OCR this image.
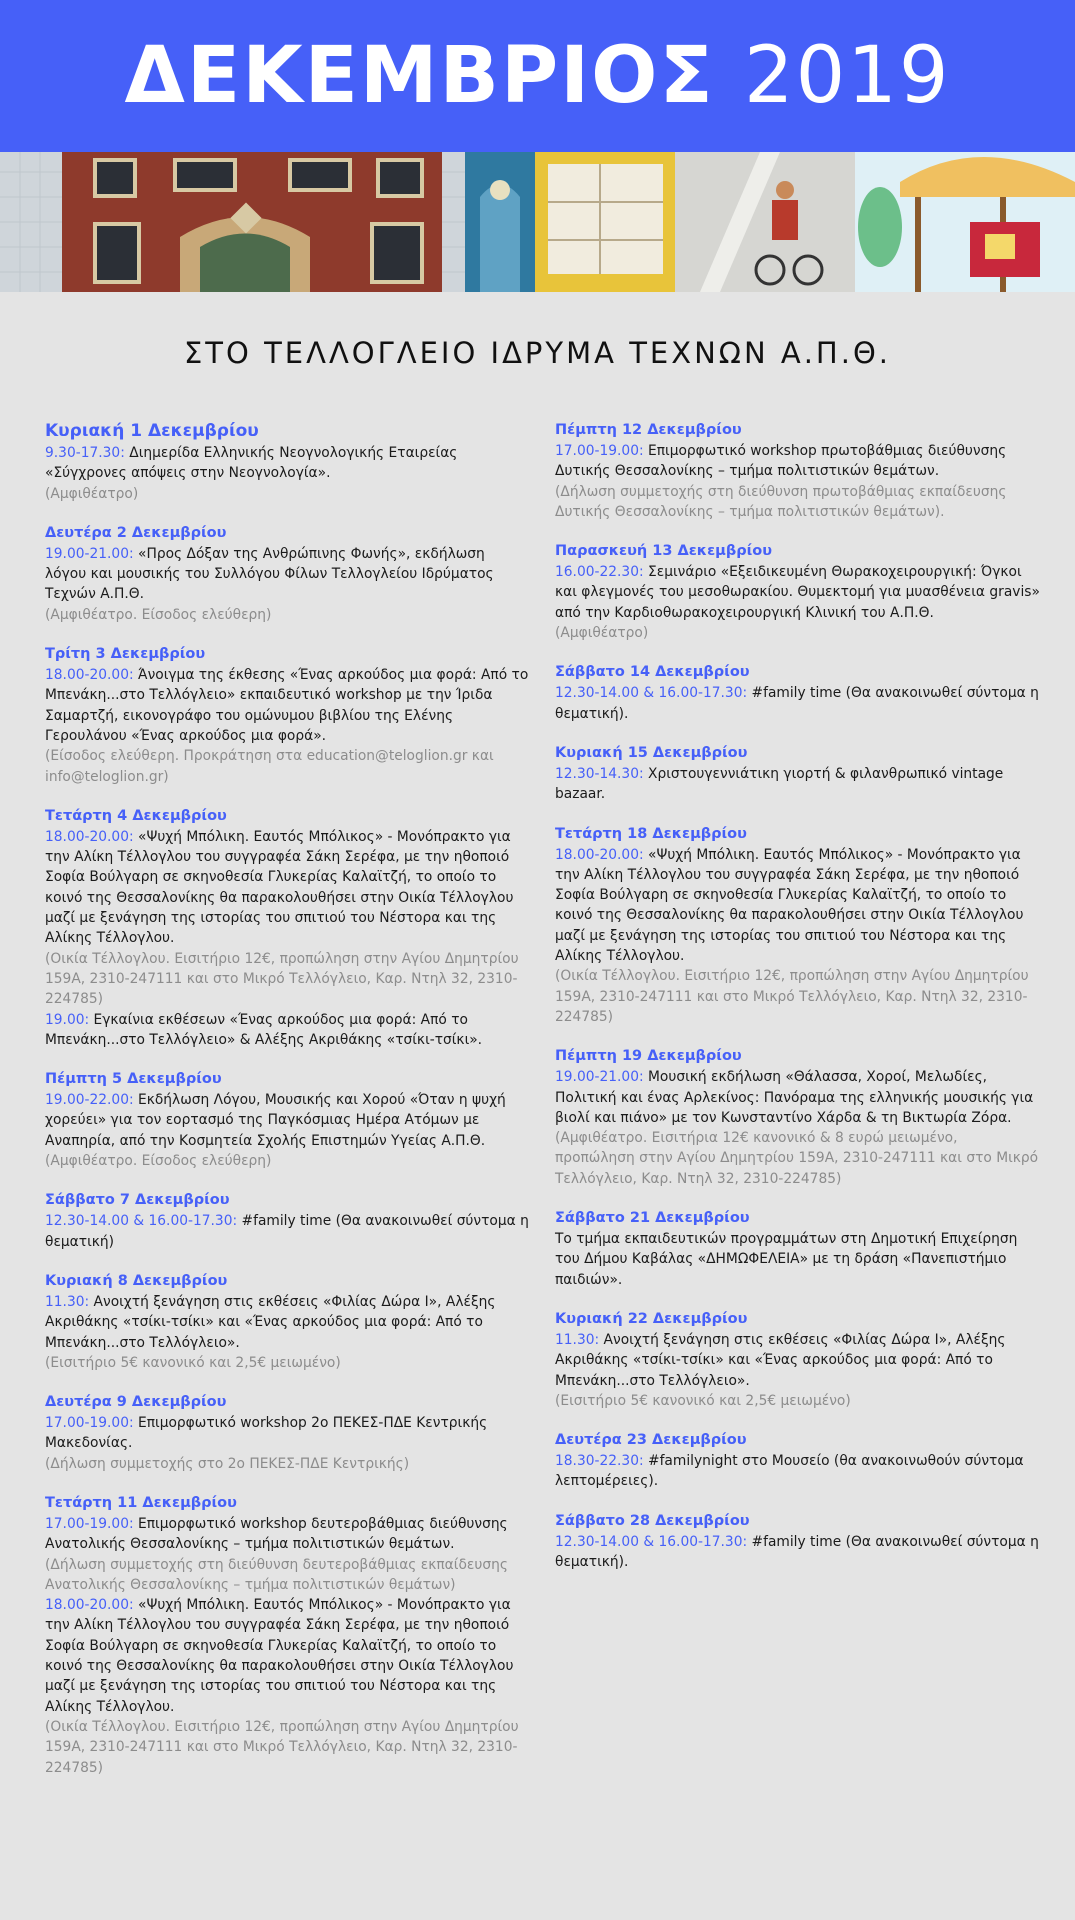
ΔΕΚΕΜΒΡΙΟΣ 2019
ΣΤΟ ΤΕΛΛΟΓΛΕΙΟ ΙΔΡΥΜΑ ΤΕΧΝΩΝ Α.Π.Θ.
Κυριακή 1 Δεκεμβρίου

9.30-17.30: Διημερίδα Ελληνικής Νεογνολογικής Εταιρείας «Σύγχρονες απόψεις στην Νεογνολογία».

(Αμφιθέατρο)

Δευτέρα 2 Δεκεμβρίου

19.00-21.00: «Προς Δόξαν της Ανθρώπινης Φωνής», εκδήλωση λόγου και μουσικής του Συλλόγου Φίλων Τελλογλείου Ιδρύματος Τεχνών Α.Π.Θ.

(Αμφιθέατρο. Είσοδος ελεύθερη)

Τρίτη 3 Δεκεμβρίου

18.00-20.00: Άνοιγμα της έκθεσης «Ένας αρκούδος μια φορά: Από το Μπενάκη...στο Τελλόγλειο» εκπαιδευτικό workshop με την Ίριδα Σαμαρτζή, εικονογράφο του ομώνυμου βιβλίου της Ελένης Γερουλάνου «Ένας αρκούδος μια φορά».

(Είσοδος ελεύθερη. Προκράτηση στα education@teloglion.gr και info@teloglion.gr)

Τετάρτη 4 Δεκεμβρίου

18.00-20.00: «Ψυχή Μπόλικη. Εαυτός Μπόλικος» - Μονόπρακτο για την Αλίκη Τέλλογλου του συγγραφέα Σάκη Σερέφα, με την ηθοποιό Σοφία Βούλγαρη σε σκηνοθεσία Γλυκερίας Καλαϊτζή, το οποίο το κοινό της Θεσσαλονίκης θα παρακολουθήσει στην Οικία Τέλλογλου μαζί με ξενάγηση της ιστορίας του σπιτιού του Νέστορα και της Αλίκης Τέλλογλου.

(Οικία Τέλλογλου. Εισιτήριο 12€, προπώληση στην Αγίου Δημητρίου 159Α, 2310-247111 και στο Μικρό Τελλόγλειο, Καρ. Ντηλ 32, 2310-224785)

19.00: Εγκαίνια εκθέσεων «Ένας αρκούδος μια φορά: Από το Μπενάκη...στο Τελλόγλειο» & Αλέξης Ακριθάκης «τσίκι-τσίκι».

Πέμπτη 5 Δεκεμβρίου

19.00-22.00: Εκδήλωση Λόγου, Μουσικής και Χορού «Όταν η ψυχή χορεύει» για τον εορτασμό της Παγκόσμιας Ημέρα Ατόμων με Αναπηρία, από την Κοσμητεία Σχολής Επιστημών Υγείας Α.Π.Θ.

(Αμφιθέατρο. Είσοδος ελεύθερη)

Σάββατο 7 Δεκεμβρίου

12.30-14.00 & 16.00-17.30: #family time (Θα ανακοινωθεί σύντομα η θεματική)

Κυριακή 8 Δεκεμβρίου

11.30: Ανοιχτή ξενάγηση στις εκθέσεις «Φιλίας Δώρα Ι», Αλέξης Ακριθάκης «τσίκι-τσίκι» και «Ένας αρκούδος μια φορά: Από το Μπενάκη...στο Τελλόγλειο».

(Εισιτήριο 5€ κανονικό και 2,5€ μειωμένο)

Δευτέρα 9 Δεκεμβρίου

17.00-19.00: Επιμορφωτικό workshop 2ο ΠΕΚΕΣ-ΠΔΕ Κεντρικής Μακεδονίας.

(Δήλωση συμμετοχής στο 2ο ΠΕΚΕΣ-ΠΔΕ Κεντρικής)

Τετάρτη 11 Δεκεμβρίου

17.00-19.00: Επιμορφωτικό workshop δευτεροβάθμιας διεύθυνσης Ανατολικής Θεσσαλονίκης – τμήμα πολιτιστικών θεμάτων.

(Δήλωση συμμετοχής στη διεύθυνση δευτεροβάθμιας εκπαίδευσης Ανατολικής Θεσσαλονίκης – τμήμα πολιτιστικών θεμάτων)

18.00-20.00: «Ψυχή Μπόλικη. Εαυτός Μπόλικος» - Μονόπρακτο για την Αλίκη Τέλλογλου του συγγραφέα Σάκη Σερέφα, με την ηθοποιό Σοφία Βούλγαρη σε σκηνοθεσία Γλυκερίας Καλαϊτζή, το οποίο το κοινό της Θεσσαλονίκης θα παρακολουθήσει στην Οικία Τέλλογλου μαζί με ξενάγηση της ιστορίας του σπιτιού του Νέστορα και της Αλίκης Τέλλογλου.

(Οικία Τέλλογλου. Εισιτήριο 12€, προπώληση στην Αγίου Δημητρίου 159Α, 2310-247111 και στο Μικρό Τελλόγλειο, Καρ. Ντηλ 32, 2310-224785)

Πέμπτη 12 Δεκεμβρίου

17.00-19.00: Επιμορφωτικό workshop πρωτοβάθμιας διεύθυνσης Δυτικής Θεσσαλονίκης – τμήμα πολιτιστικών θεμάτων.

(Δήλωση συμμετοχής στη διεύθυνση πρωτοβάθμιας εκπαίδευσης Δυτικής Θεσσαλονίκης – τμήμα πολιτιστικών θεμάτων).

Παρασκευή 13 Δεκεμβρίου

16.00-22.30: Σεμινάριο «Εξειδικευμένη Θωρακοχειρουργική: Όγκοι και φλεγμονές του μεσοθωρακίου. Θυμεκτομή για μυασθένεια gravis» από την Καρδιοθωρακοχειρουργική Κλινική του Α.Π.Θ.

(Αμφιθέατρο)

Σάββατο 14 Δεκεμβρίου

12.30-14.00 & 16.00-17.30: #family time (Θα ανακοινωθεί σύντομα η θεματική).

Κυριακή 15 Δεκεμβρίου

12.30-14.30: Χριστουγεννιάτικη γιορτή & φιλανθρωπικό vintage bazaar.

Τετάρτη 18 Δεκεμβρίου

18.00-20.00: «Ψυχή Μπόλικη. Εαυτός Μπόλικος» - Μονόπρακτο για την Αλίκη Τέλλογλου του συγγραφέα Σάκη Σερέφα, με την ηθοποιό Σοφία Βούλγαρη σε σκηνοθεσία Γλυκερίας Καλαϊτζή, το οποίο το κοινό της Θεσσαλονίκης θα παρακολουθήσει στην Οικία Τέλλογλου μαζί με ξενάγηση της ιστορίας του σπιτιού του Νέστορα και της Αλίκης Τέλλογλου.

(Οικία Τέλλογλου. Εισιτήριο 12€, προπώληση στην Αγίου Δημητρίου 159Α, 2310-247111 και στο Μικρό Τελλόγλειο, Καρ. Ντηλ 32, 2310-224785)

Πέμπτη 19 Δεκεμβρίου

19.00-21.00: Μουσική εκδήλωση «Θάλασσα, Χοροί, Μελωδίες, Πολιτική και ένας Αρλεκίνος: Πανόραμα της ελληνικής μουσικής για βιολί και πιάνο» με τον Κωνσταντίνο Χάρδα & τη Βικτωρία Ζόρα.

(Αμφιθέατρο. Εισιτήρια 12€ κανονικό & 8 ευρώ μειωμένο, προπώληση στην Αγίου Δημητρίου 159Α, 2310-247111 και στο Μικρό Τελλόγλειο, Καρ. Ντηλ 32, 2310-224785)

Σάββατο 21 Δεκεμβρίου

Το τμήμα εκπαιδευτικών προγραμμάτων στη Δημοτική Επιχείρηση του Δήμου Καβάλας «ΔΗΜΩΦΕΛΕΙΑ» με τη δράση «Πανεπιστήμιο παιδιών».

Κυριακή 22 Δεκεμβρίου

11.30: Ανοιχτή ξενάγηση στις εκθέσεις «Φιλίας Δώρα Ι», Αλέξης Ακριθάκης «τσίκι-τσίκι» και «Ένας αρκούδος μια φορά: Από το Μπενάκη...στο Τελλόγλειο».

(Εισιτήριο 5€ κανονικό και 2,5€ μειωμένο)

Δευτέρα 23 Δεκεμβρίου

18.30-22.30: #familynight στο Μουσείο (θα ανακοινωθούν σύντομα λεπτομέρειες).

Σάββατο 28 Δεκεμβρίου

12.30-14.00 & 16.00-17.30: #family time (Θα ανακοινωθεί σύντομα η θεματική).
